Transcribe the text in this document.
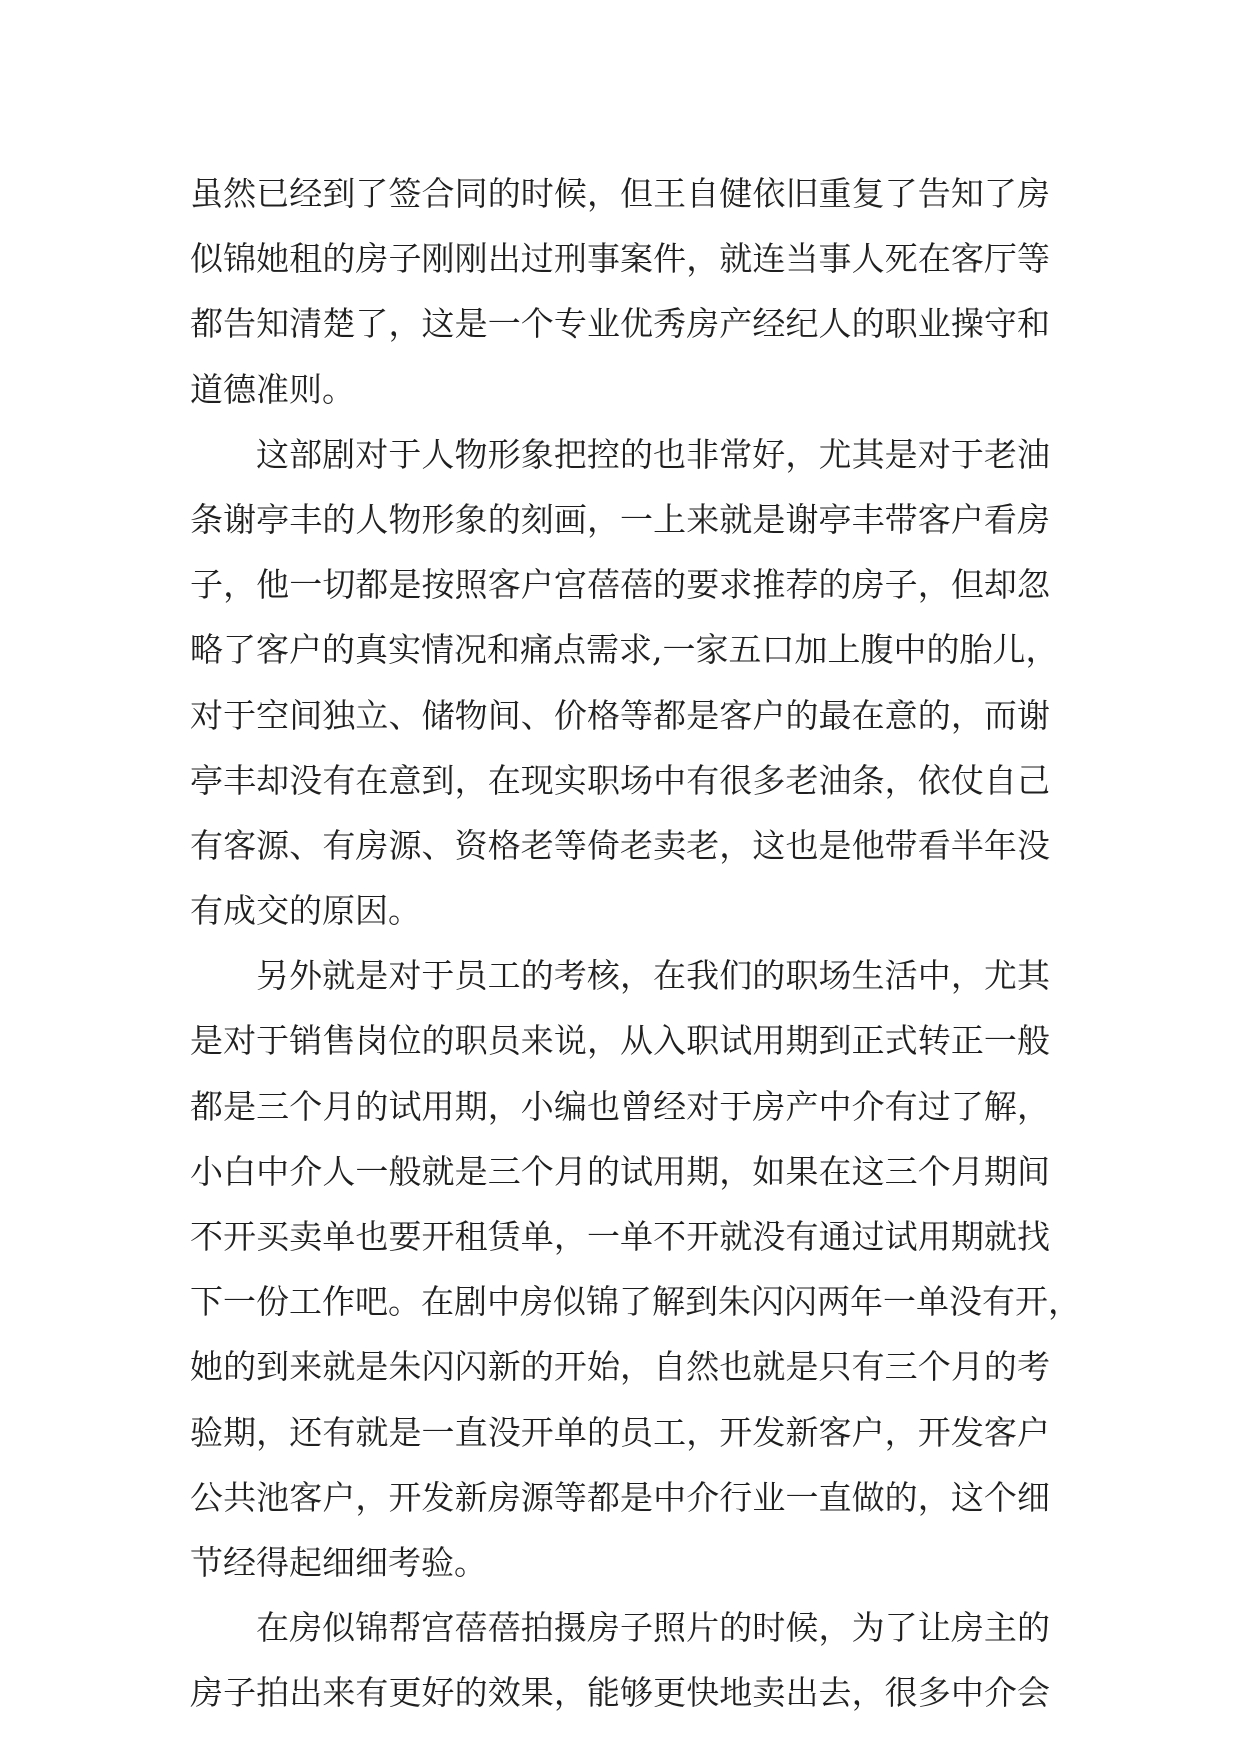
虽然已经到了签合同的时候，但王自健依旧重复了告知了房
似锦她租的房子刚刚出过刑事案件，就连当事人死在客厅等
都告知清楚了，这是一个专业优秀房产经纪人的职业操守和
道德准则。
这部剧对于人物形象把控的也非常好，尤其是对于老油
条谢亭丰的人物形象的刻画，一上来就是谢亭丰带客户看房
子，他一切都是按照客户宫蓓蓓的要求推荐的房子，但却忽
略了客户的真实情况和痛点需求,一家五口加上腹中的胎儿，
对于空间独立、储物间、价格等都是客户的最在意的，而谢
亭丰却没有在意到，在现实职场中有很多老油条，依仗自己
有客源、有房源、资格老等倚老卖老，这也是他带看半年没
有成交的原因。
另外就是对于员工的考核，在我们的职场生活中，尤其
是对于销售岗位的职员来说，从入职试用期到正式转正一般
都是三个月的试用期，小编也曾经对于房产中介有过了解，
小白中介人一般就是三个月的试用期，如果在这三个月期间
不开买卖单也要开租赁单，一单不开就没有通过试用期就找
下一份工作吧。在剧中房似锦了解到朱闪闪两年一单没有开，
她的到来就是朱闪闪新的开始，自然也就是只有三个月的考
验期，还有就是一直没开单的员工，开发新客户，开发客户
公共池客户，开发新房源等都是中介行业一直做的，这个细
节经得起细细考验。
在房似锦帮宫蓓蓓拍摄房子照片的时候，为了让房主的
房子拍出来有更好的效果，能够更快地卖出去，很多中介会
